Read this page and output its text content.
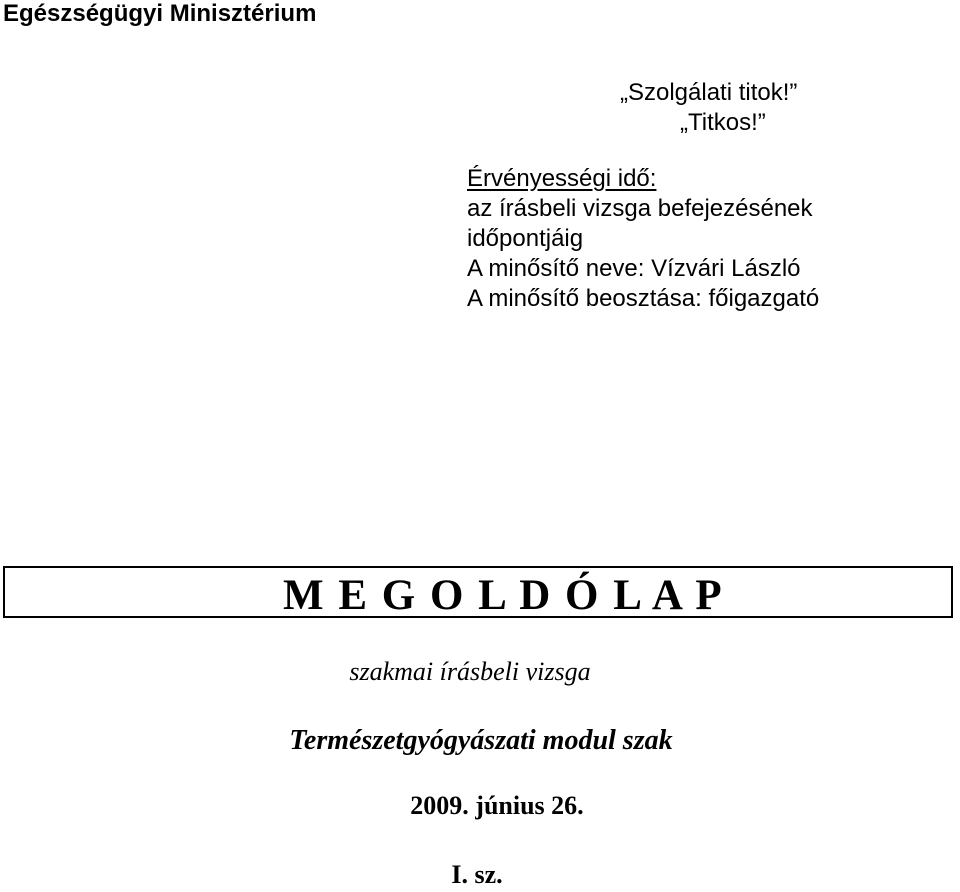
Egészségügyi Minisztérium
„Szolgálati titok!”
„Titkos!”
Érvényességi idő:
az írásbeli vizsga befejezésének
időpontjáig
A minősítő neve: Vízvári László
A minősítő beosztása: főigazgató
M E G O L D Ó L A P
szakmai írásbeli vizsga
Természetgyógyászati modul szak
2009. június 26.
I. sz.
